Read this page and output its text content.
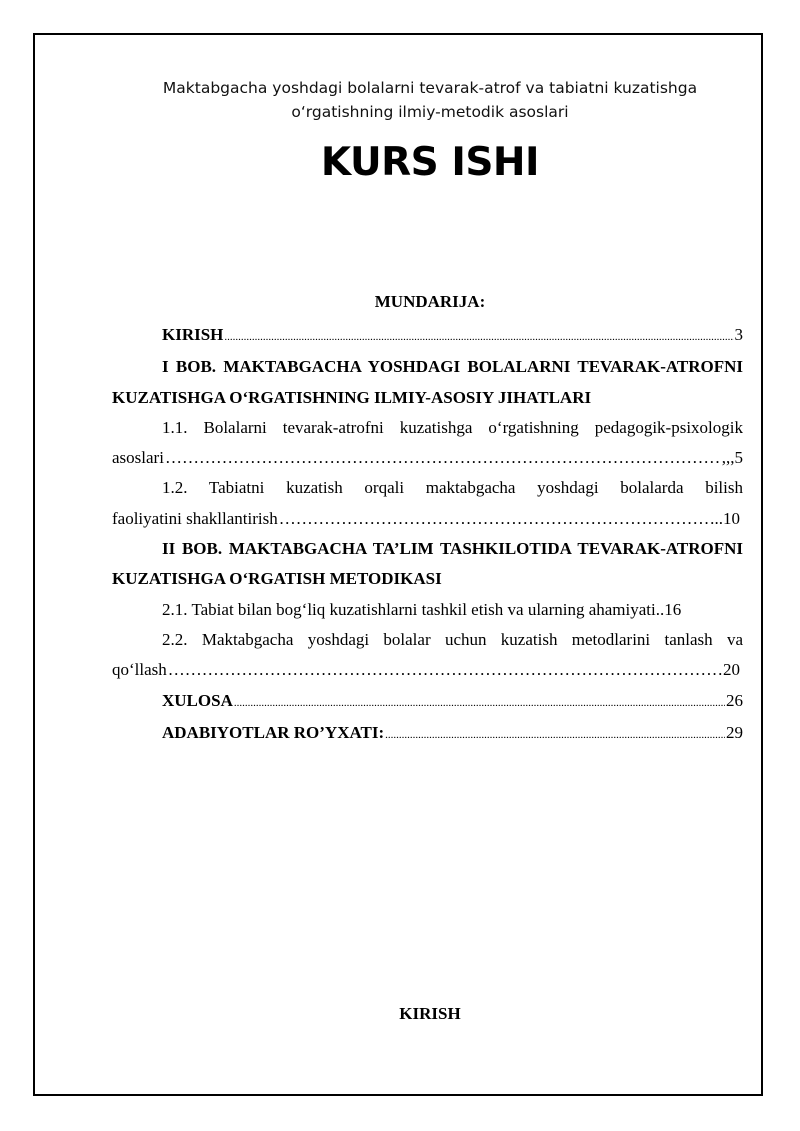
Maktabgacha yoshdagi bolalarni tevarak-atrof va tabiatni kuzatishga o‘rgatishning ilmiy-metodik asoslari
KURS ISHI
MUNDARIJA:
KIRISH .....	3
I BOB. MAKTABGACHA YOSHDAGI BOLALARNI TEVARAK-ATROFNI KUZATISHGA O‘RGATISHNING ILMIY-ASOSIY JIHATLARI
1.1. Bolalarni tevarak-atrofni kuzatishga o‘rgatishning pedagogik-psixologik
asoslari ……………………………………………………………………………………………………………………………………………………………	,,,5
1.2. Tabiatni kuzatish orqali maktabgacha yoshdagi bolalarda bilish
faoliyatini shakllantirish ……………………………………………………………………………………………………………………………………………………………	..10
II BOB. MAKTABGACHA TA’LIM TASHKILOTIDA TEVARAK-ATROFNI KUZATISHGA O‘RGATISH METODIKASI
2.1. Tabiat bilan bog‘liq kuzatishlarni tashkil etish va ularning ahamiyati..16
2.2. Maktabgacha yoshdagi bolalar uchun kuzatish metodlarini tanlash va
qo‘llash ……………………………………………………………………………………………………………………………………………………………	20
XULOSA .....	26
ADABIYOTLAR RO’YXATI: .....	29
KIRISH
